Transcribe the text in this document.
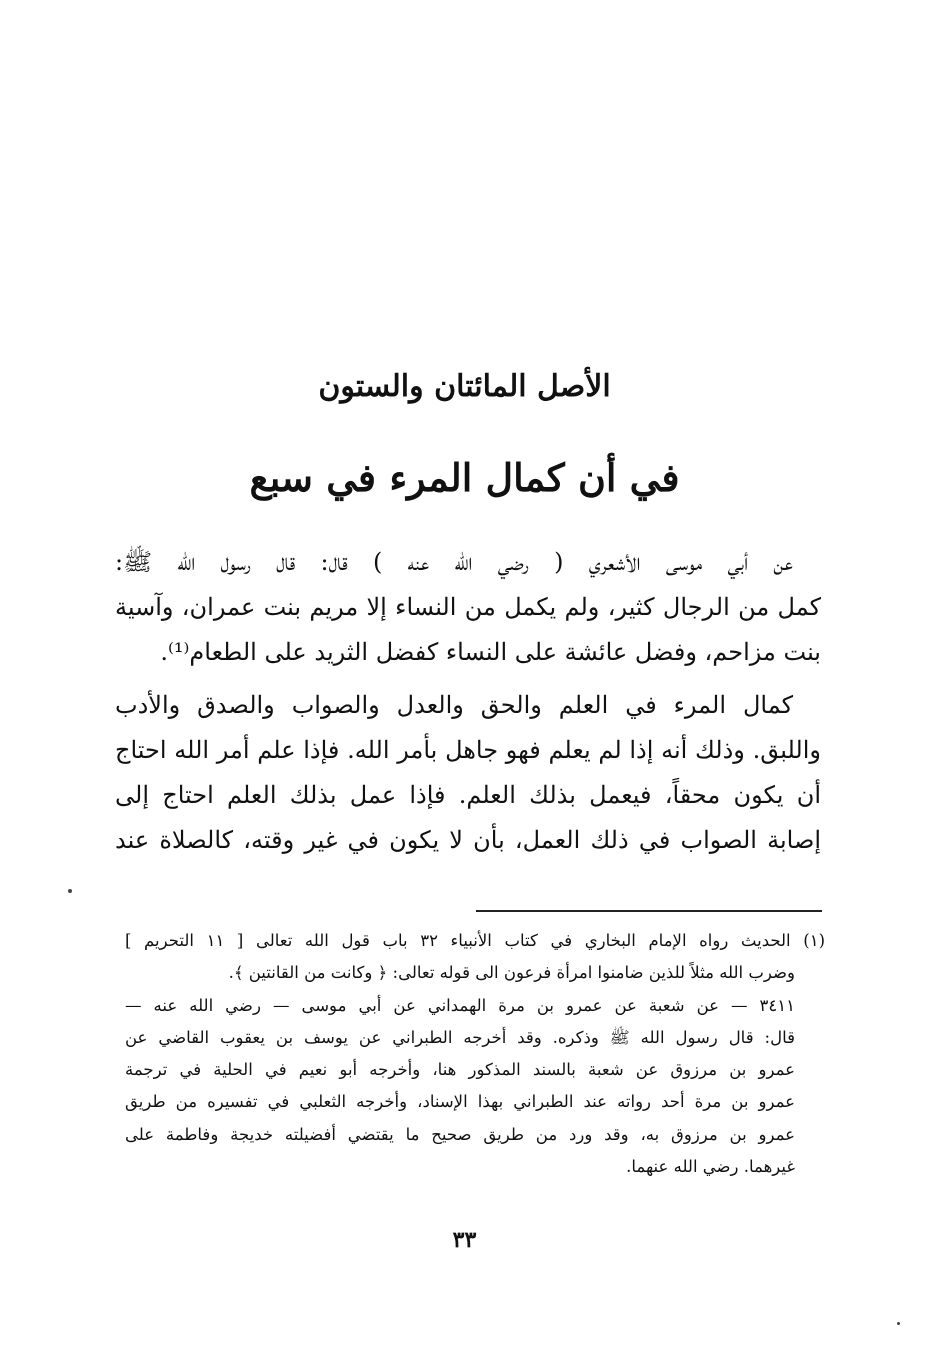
الأصل المائتان والستون
في أن كمال المرء في سبع
عن أبي موسى الأشعري ( رضي الله عنه ) قال: قال رسول الله ﷺ:
كمل من الرجال كثير، ولم يكمل من النساء إلا مريم بنت عمران، وآسية
بنت مزاحم، وفضل عائشة على النساء كفضل الثريد على الطعام⁽¹⁾.
كمال المرء في العلم والحق والعدل والصواب والصدق والأدب
واللبق. وذلك أنه إذا لم يعلم فهو جاهل بأمر الله. فإذا علم أمر الله احتاج
أن يكون محقاً، فيعمل بذلك العلم. فإذا عمل بذلك العلم احتاج إلى
إصابة الصواب في ذلك العمل، بأن لا يكون في غير وقته، كالصلاة عند
(١) الحديث رواه الإمام البخاري في كتاب الأنبياء ٣٢ باب قول الله تعالى [ ١١ التحريم ]
وضرب الله مثلاً للذين ضامنوا امرأة فرعون الى قوله تعالى: ﴿ وكانت من القانتين ﴾.
٣٤١١ — عن شعبة عن عمرو بن مرة الهمداني عن أبي موسى — رضي الله عنه —
قال: قال رسول الله ﷺ وذكره. وقد أخرجه الطبراني عن يوسف بن يعقوب القاضي عن
عمرو بن مرزوق عن شعبة بالسند المذكور هنا، وأخرجه أبو نعيم في الحلية في ترجمة
عمرو بن مرة أحد رواته عند الطبراني بهذا الإسناد، وأخرجه الثعلبي في تفسيره من طريق
عمرو بن مرزوق به، وقد ورد من طريق صحيح ما يقتضي أفضيلته خديجة وفاطمة على
غيرهما. رضي الله عنهما.
٣٣
